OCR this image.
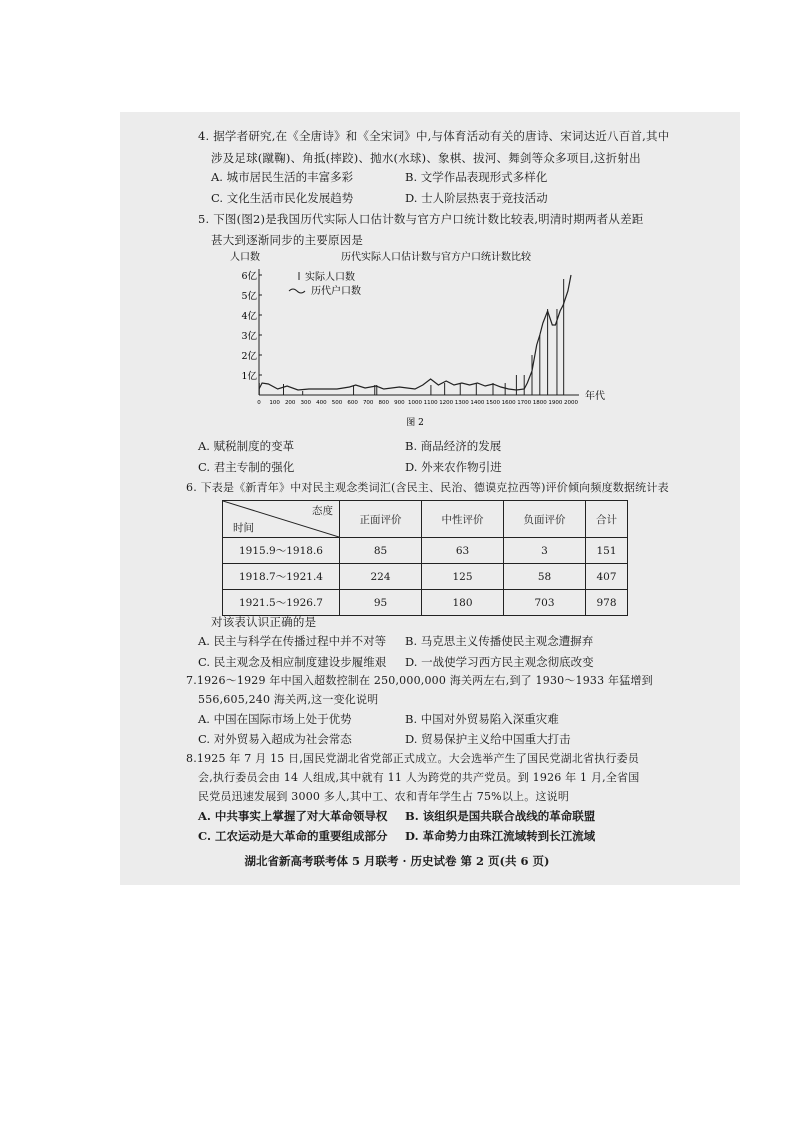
4. 据学者研究,在《全唐诗》和《全宋词》中,与体育活动有关的唐诗、宋词达近八百首,其中
涉及足球(蹴鞠)、角抵(摔跤)、抛水(水球)、象棋、拔河、舞剑等众多项目,这折射出
A. 城市居民生活的丰富多彩	B. 文学作品表现形式多样化
C. 文化生活市民化发展趋势	D. 士人阶层热衷于竞技活动
5. 下图(图2)是我国历代实际人口估计数与官方户口统计数比较表,明清时期两者从差距
甚大到逐渐同步的主要原因是
人口数	历代实际人口估计数与官方户口统计数比较
年代
1亿
2亿
3亿
4亿
5亿
6亿
0 100 200 300 400 500 600 700 800 900 1000 1100 1200 1300 1400 1500 1600 1700 1800 1900 2000
实际人口数
历代户口数
图 2
A. 赋税制度的变革	B. 商品经济的发展
C. 君主专制的强化	D. 外来农作物引进
6. 下表是《新青年》中对民主观念类词汇(含民主、民治、德谟克拉西等)评价倾向频度数据统计表
态度
时间	正面评价	中性评价	负面评价	合计
1915.9～1918.6	85	63	3	151
1918.7～1921.4	224	125	58	407
1921.5～1926.7	95	180	703	978
对该表认识正确的是
A. 民主与科学在传播过程中并不对等 B. 马克思主义传播使民主观念遭摒弃
C. 民主观念及相应制度建设步履维艰 D. 一战使学习西方民主观念彻底改变
7.1926～1929 年中国入超数控制在 250,000,000 海关两左右,到了 1930～1933 年猛增到
556,605,240 海关两,这一变化说明
A. 中国在国际市场上处于优势	B. 中国对外贸易陷入深重灾难
C. 对外贸易入超成为社会常态	D. 贸易保护主义给中国重大打击
8.1925 年 7 月 15 日,国民党湖北省党部正式成立。大会选举产生了国民党湖北省执行委员
会,执行委员会由 14 人组成,其中就有 11 人为跨党的共产党员。到 1926 年 1 月,全省国
民党员迅速发展到 3000 多人,其中工、农和青年学生占 75%以上。这说明
A. 中共事实上掌握了对大革命领导权 B. 该组织是国共联合战线的革命联盟
C. 工农运动是大革命的重要组成部分 D. 革命势力由珠江流域转到长江流域
湖北省新高考联考体 5 月联考 · 历史试卷 第 2 页(共 6 页)
